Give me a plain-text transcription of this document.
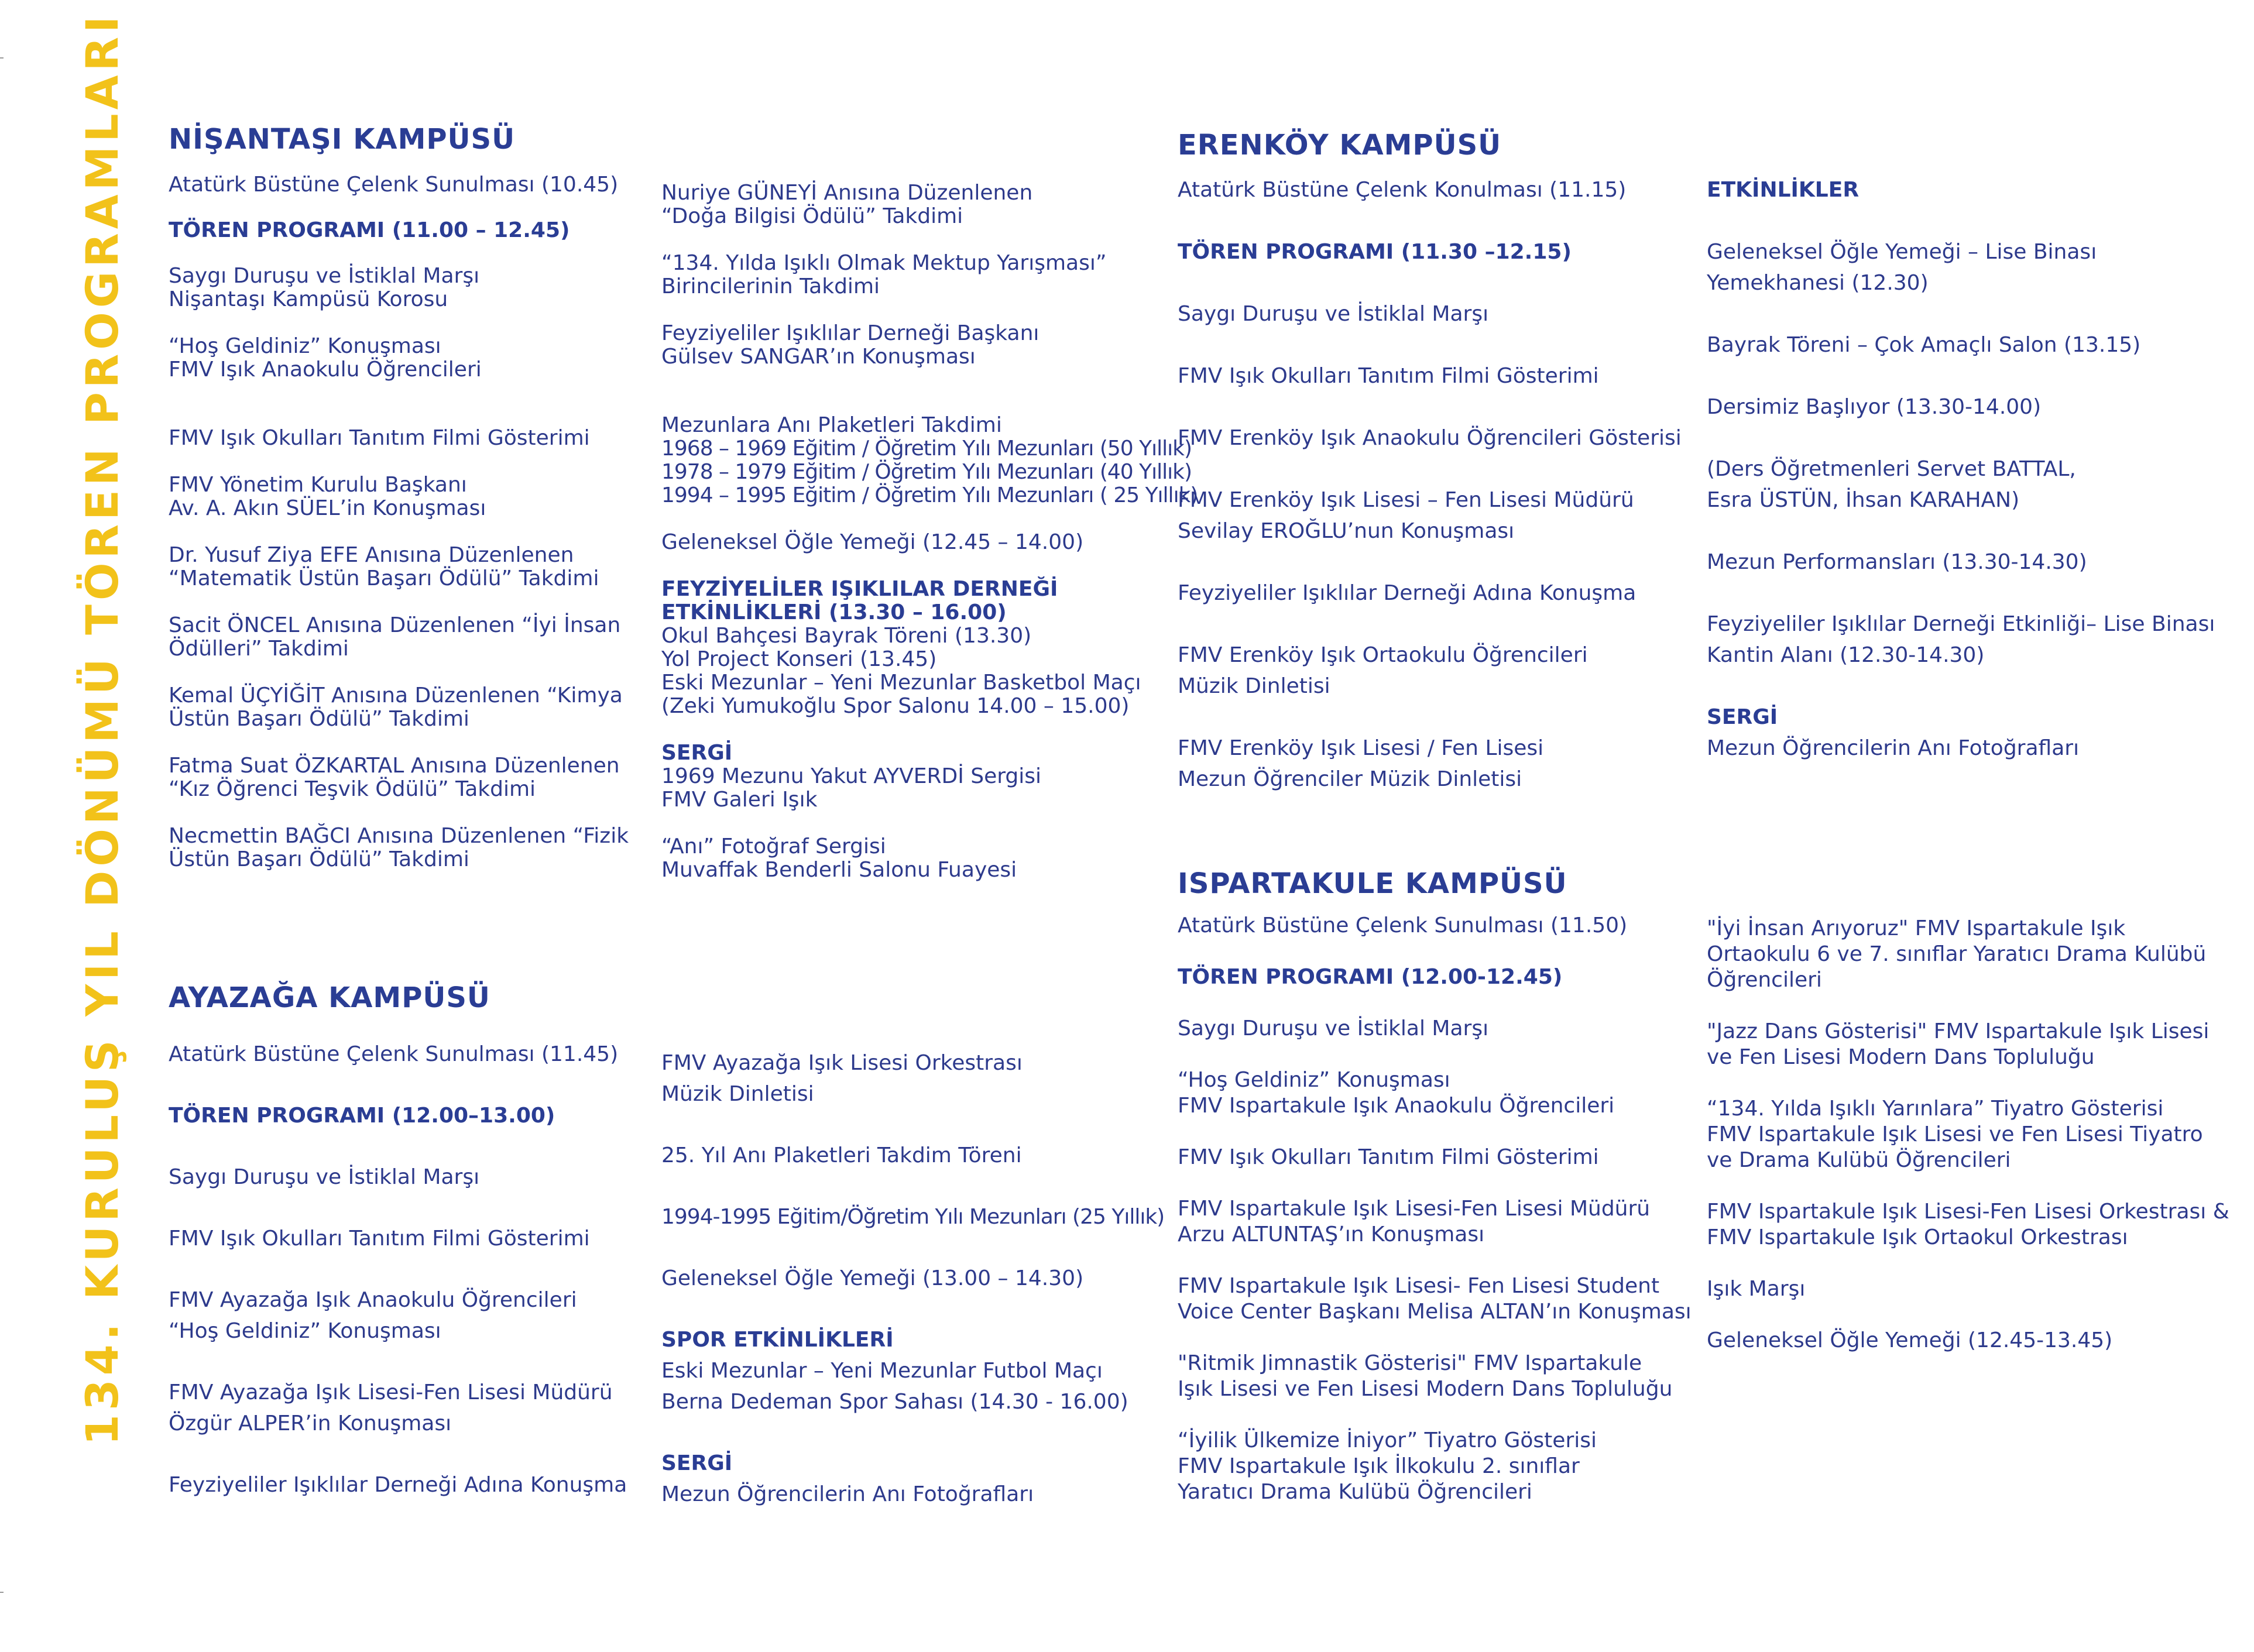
134. KURULUŞ YIL DÖNÜMÜ TÖREN PROGRAMLARI NİŞANTAŞI KAMPÜSÜ

Atatürk Büstüne Çelenk Sunulması (10.45)

TÖREN PROGRAMI (11.00 – 12.45)

Saygı Duruşu ve İstiklal Marşı

Nişantaşı Kampüsü Korosu

“Hoş Geldiniz” Konuşması

FMV Işık Anaokulu Öğrencileri

FMV Işık Okulları Tanıtım Filmi Gösterimi

FMV Yönetim Kurulu Başkanı

Av. A. Akın SÜEL’in Konuşması

Dr. Yusuf Ziya EFE Anısına Düzenlenen

“Matematik Üstün Başarı Ödülü” Takdimi

Sacit ÖNCEL Anısına Düzenlenen “İyi İnsan

Ödülleri” Takdimi

Kemal ÜÇYİĞİT Anısına Düzenlenen “Kimya

Üstün Başarı Ödülü” Takdimi

Fatma Suat ÖZKARTAL Anısına Düzenlenen

“Kız Öğrenci Teşvik Ödülü” Takdimi

Necmettin BAĞCI Anısına Düzenlenen “Fizik

Üstün Başarı Ödülü” Takdimi

Nuriye GÜNEYİ Anısına Düzenlenen

“Doğa Bilgisi Ödülü” Takdimi

“134. Yılda Işıklı Olmak Mektup Yarışması”

Birincilerinin Takdimi

Feyziyeliler Işıklılar Derneği Başkanı

Gülsev SANGAR’ın Konuşması

Mezunlara Anı Plaketleri Takdimi

1968 – 1969 Eğitim / Öğretim Yılı Mezunları (50 Yıllık)

1978 – 1979 Eğitim / Öğretim Yılı Mezunları (40 Yıllık)

1994 – 1995 Eğitim / Öğretim Yılı Mezunları ( 25 Yıllık)

Geleneksel Öğle Yemeği (12.45 – 14.00)

FEYZİYELİLER IŞIKLILAR DERNEĞİ

ETKİNLİKLERİ (13.30 – 16.00)

Okul Bahçesi Bayrak Töreni (13.30)

Yol Project Konseri (13.45)

Eski Mezunlar – Yeni Mezunlar Basketbol Maçı

(Zeki Yumukoğlu Spor Salonu 14.00 – 15.00)

SERGİ

1969 Mezunu Yakut AYVERDİ Sergisi

FMV Galeri Işık

“Anı” Fotoğraf Sergisi

Muvaffak Benderli Salonu Fuayesi

AYAZAĞA KAMPÜSÜ

Atatürk Büstüne Çelenk Sunulması (11.45)

TÖREN PROGRAMI (12.00–13.00)

Saygı Duruşu ve İstiklal Marşı

FMV Işık Okulları Tanıtım Filmi Gösterimi

FMV Ayazağa Işık Anaokulu Öğrencileri

“Hoş Geldiniz” Konuşması

FMV Ayazağa Işık Lisesi-Fen Lisesi Müdürü

Özgür ALPER’in Konuşması

Feyziyeliler Işıklılar Derneği Adına Konuşma

FMV Ayazağa Işık Lisesi Orkestrası

Müzik Dinletisi

25. Yıl Anı Plaketleri Takdim Töreni

1994-1995 Eğitim/Öğretim Yılı Mezunları (25 Yıllık)

Geleneksel Öğle Yemeği (13.00 – 14.30)

SPOR ETKİNLİKLERİ

Eski Mezunlar – Yeni Mezunlar Futbol Maçı

Berna Dedeman Spor Sahası (14.30 - 16.00)

SERGİ

Mezun Öğrencilerin Anı Fotoğrafları

ERENKÖY KAMPÜSÜ

Atatürk Büstüne Çelenk Konulması (11.15)

TÖREN PROGRAMI (11.30 –12.15)

Saygı Duruşu ve İstiklal Marşı

FMV Işık Okulları Tanıtım Filmi Gösterimi

FMV Erenköy Işık Anaokulu Öğrencileri Gösterisi

FMV Erenköy Işık Lisesi – Fen Lisesi Müdürü

Sevilay EROĞLU’nun Konuşması

Feyziyeliler Işıklılar Derneği Adına Konuşma

FMV Erenköy Işık Ortaokulu Öğrencileri

Müzik Dinletisi

FMV Erenköy Işık Lisesi / Fen Lisesi

Mezun Öğrenciler Müzik Dinletisi

ETKİNLİKLER

Geleneksel Öğle Yemeği – Lise Binası

Yemekhanesi (12.30)

Bayrak Töreni – Çok Amaçlı Salon (13.15)

Dersimiz Başlıyor (13.30-14.00)

(Ders Öğretmenleri Servet BATTAL,

Esra ÜSTÜN, İhsan KARAHAN)

Mezun Performansları (13.30-14.30)

Feyziyeliler Işıklılar Derneği Etkinliği– Lise Binası

Kantin Alanı (12.30-14.30)

SERGİ

Mezun Öğrencilerin Anı Fotoğrafları

ISPARTAKULE KAMPÜSÜ

Atatürk Büstüne Çelenk Sunulması (11.50)

TÖREN PROGRAMI (12.00-12.45)

Saygı Duruşu ve İstiklal Marşı

“Hoş Geldiniz” Konuşması

FMV Ispartakule Işık Anaokulu Öğrencileri

FMV Işık Okulları Tanıtım Filmi Gösterimi

FMV Ispartakule Işık Lisesi-Fen Lisesi Müdürü

Arzu ALTUNTAŞ’ın Konuşması

FMV Ispartakule Işık Lisesi- Fen Lisesi Student

Voice Center Başkanı Melisa ALTAN’ın Konuşması

"Ritmik Jimnastik Gösterisi" FMV Ispartakule

Işık Lisesi ve Fen Lisesi Modern Dans Topluluğu

“İyilik Ülkemize İniyor” Tiyatro Gösterisi

FMV Ispartakule Işık İlkokulu 2. sınıflar

Yaratıcı Drama Kulübü Öğrencileri

"İyi İnsan Arıyoruz" FMV Ispartakule Işık

Ortaokulu 6 ve 7. sınıflar Yaratıcı Drama Kulübü

Öğrencileri

"Jazz Dans Gösterisi" FMV Ispartakule Işık Lisesi

ve Fen Lisesi Modern Dans Topluluğu

“134. Yılda Işıklı Yarınlara” Tiyatro Gösterisi

FMV Ispartakule Işık Lisesi ve Fen Lisesi Tiyatro

ve Drama Kulübü Öğrencileri

FMV Ispartakule Işık Lisesi-Fen Lisesi Orkestrası &

FMV Ispartakule Işık Ortaokul Orkestrası

Işık Marşı

Geleneksel Öğle Yemeği (12.45-13.45)
